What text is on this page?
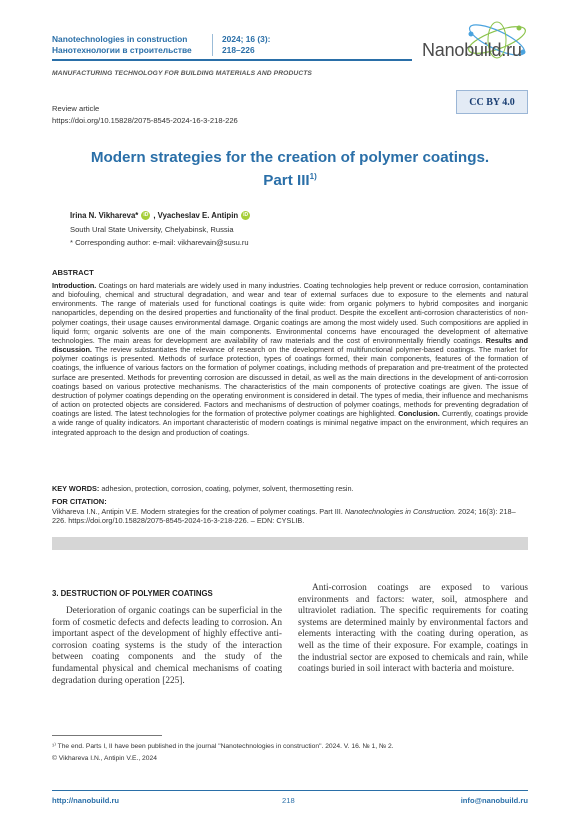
Nanotechnologies in construction
Нанотехнологии в строительстве
2024; 16 (3):
218–226	Nanobuild.ru
MANUFACTURING TECHNOLOGY FOR BUILDING MATERIALS AND PRODUCTS
Review article
https://doi.org/10.15828/2075-8545-2024-16-3-218-226
CC BY 4.0
Modern strategies for the creation of polymer coatings.
Part III$^{1)}$
Irina N. Vikhareva*	iD , Vyacheslav E. Antipin	iD
South Ural State University, Chelyabinsk, Russia
* Corresponding author: e-mail: vikharevain@susu.ru
ABSTRACT
Introduction. Coatings on hard materials are widely used in many industries. Coating technologies help prevent or reduce corrosion, contamination and biofouling, chemical and structural degradation, and wear and tear of external surfaces due to exposure to the elements and natural environments. The range of materials used for functional coatings is quite wide: from organic polymers to hybrid composites and inorganic nanoparticles, depending on the desired properties and functionality of the final product. Despite the excellent anti-corrosion characteristics of non-polymer coatings, their usage causes environmental damage. Organic coatings are among the most widely used. Such compositions are applied in liquid form; organic solvents are one of the main components. Environmental concerns have encouraged the development of alternative technologies. The main areas for development are availability of raw materials and the cost of environmentally friendly coatings. Results and discussion. The review substantiates the relevance of research on the development of multifunctional polymer-based coatings. The market for polymer coatings is presented. Methods of surface protection, types of coatings formed, their main components, features of the formation of coatings, the influence of various factors on the formation of polymer coatings, including methods of preparation and pre-treatment of the protected surface are presented. Methods for preventing corrosion are discussed in detail, as well as the main directions in the development of anti-corrosion coatings based on various protective mechanisms. The characteristics of the main components of protective coatings are given. The issue of destruction of polymer coatings depending on the operating environment is considered in detail. The types of media, their influence and mechanisms of action on protected objects are considered. Factors and mechanisms of destruction of polymer coatings, methods for preventing degradation of coatings are listed. The latest technologies for the formation of protective polymer coatings are highlighted. Conclusion. Currently, coatings provide a wide range of quality indicators. An important characteristic of modern coatings is minimal negative impact on the environment, which requires an integrated approach to the design and production of coatings.
KEY WORDS: adhesion, protection, corrosion, coating, polymer, solvent, thermosetting resin.
FOR CITATION:
Vikhareva I.N., Antipin V.E. Modern strategies for the creation of polymer coatings. Part III. Nanotechnologies in Construction. 2024; 16(3): 218–226. https://doi.org/10.15828/2075-8545-2024-16-3-218-226. – EDN: CYSLIB.
3. DESTRUCTION OF POLYMER COATINGS
Deterioration of organic coatings can be superficial in the form of cosmetic defects and defects leading to corrosion. An important aspect of the development of highly effective anti-corrosion coating systems is the study of the interaction between coating components and the study of the fundamental physical and chemical mechanisms of coating degradation during operation [225].
Anti-corrosion coatings are exposed to various environments and factors: water, soil, atmosphere and ultraviolet radiation. The specific requirements for coating systems are determined mainly by environmental factors and elements interacting with the coating during operation, as well as the time of their exposure. For example, coatings in the industrial sector are exposed to chemicals and rain, while coatings buried in soil interact with bacteria and moisture.
¹⁾ The end. Parts I, II have been published in the journal "Nanotechnologies in construction". 2024. V. 16. № 1, № 2.
© Vikhareva I.N., Antipin V.E., 2024
http://nanobuild.ru	218	info@nanobuild.ru
